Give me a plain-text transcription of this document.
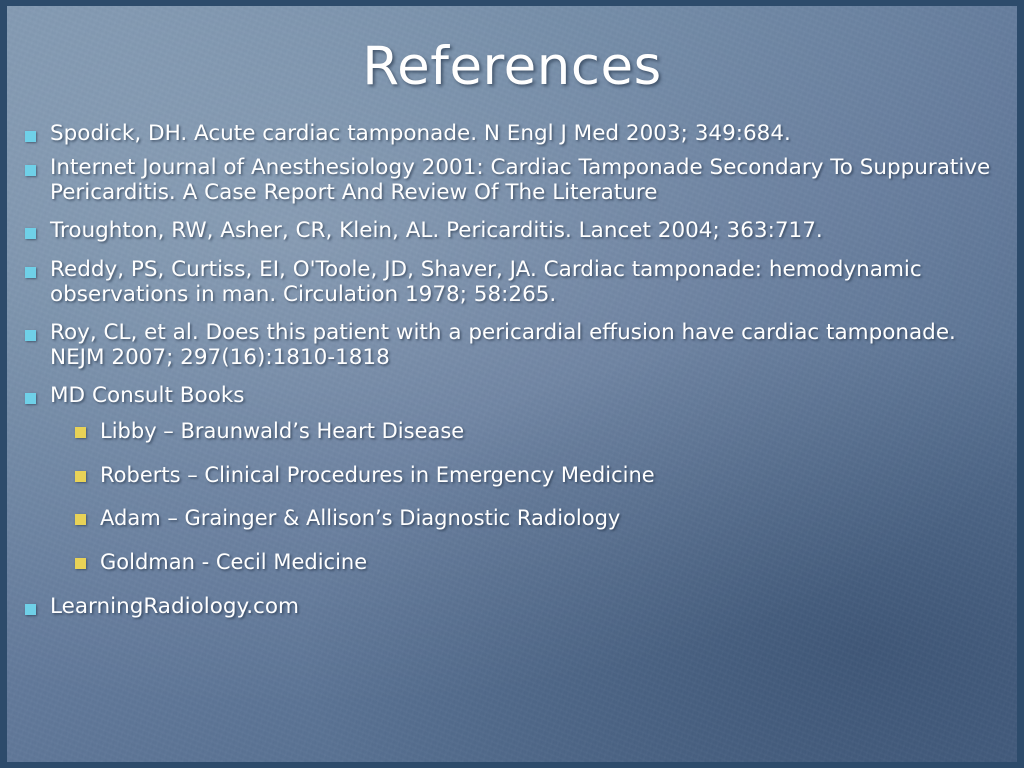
References
Spodick, DH. Acute cardiac tamponade. N Engl J Med 2003; 349:684.
Internet Journal of Anesthesiology 2001: Cardiac Tamponade Secondary To Suppurative Pericarditis. A Case Report And Review Of The Literature
Troughton, RW, Asher, CR, Klein, AL. Pericarditis. Lancet 2004; 363:717.
Reddy, PS, Curtiss, EI, O'Toole, JD, Shaver, JA. Cardiac tamponade: hemodynamic observations in man. Circulation 1978; 58:265.
Roy, CL, et al. Does this patient with a pericardial effusion have cardiac tamponade. NEJM 2007; 297(16):1810-1818
MD Consult Books
Libby – Braunwald’s Heart Disease
Roberts – Clinical Procedures in Emergency Medicine
Adam – Grainger & Allison’s Diagnostic Radiology
Goldman - Cecil Medicine
LearningRadiology.com
